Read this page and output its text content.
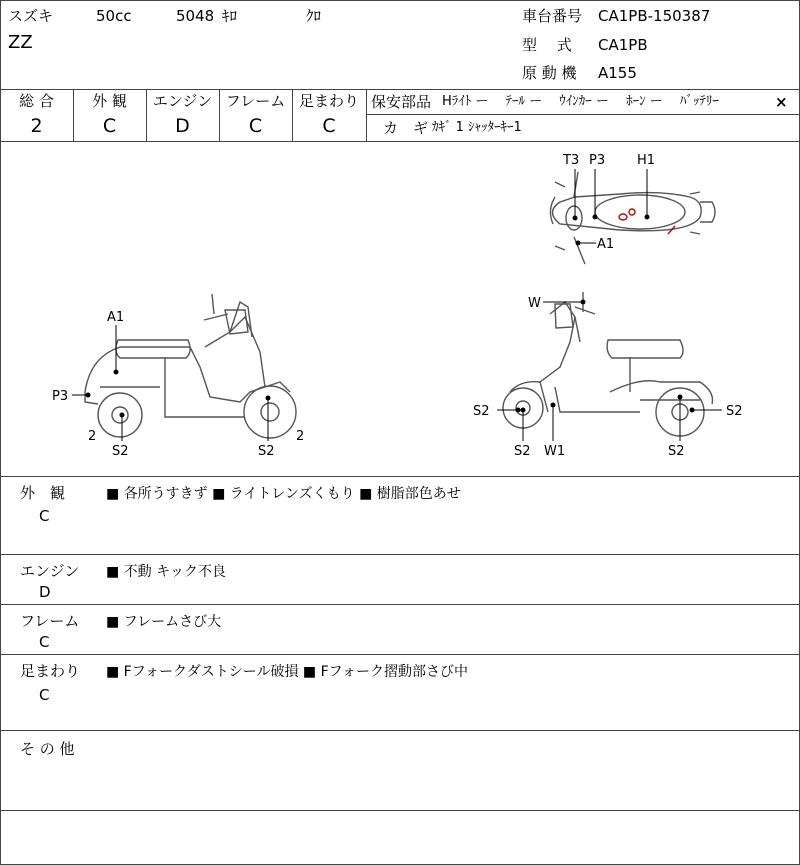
スズキ	50cc	5048 ｷﾛ	ｸﾛ
ZZ
車台番号 CA1PB-150387
型　 式 CA1PB
原 動 機 A155
総 合	外 観	エンジン フレーム 足まわり
2	C	D	C	C
保安部品 Hﾗｲﾄ ー　 ﾃｰﾙ ー　 ｳｲﾝｶｰ ー　 ﾎｰﾝ ー　 ﾊﾞｯﾃﾘｰ	×
カ　ギ ｶｷﾞ 1 ｼｬｯﾀｰｷｰ1
T3 P3 H1
A1
A1
P3
2
S2	S2
2
W
S2
S2 W1	S2
S2
外　観
C
■ 各所うすきず ■ ライトレンズくもり ■ 樹脂部色あせ
エンジン
D
■ 不動 キック不良
フレーム
C
■ フレームさび大
足まわり
C
■ Fフォークダストシール破損 ■ Fフォーク摺動部さび中
そ の 他
